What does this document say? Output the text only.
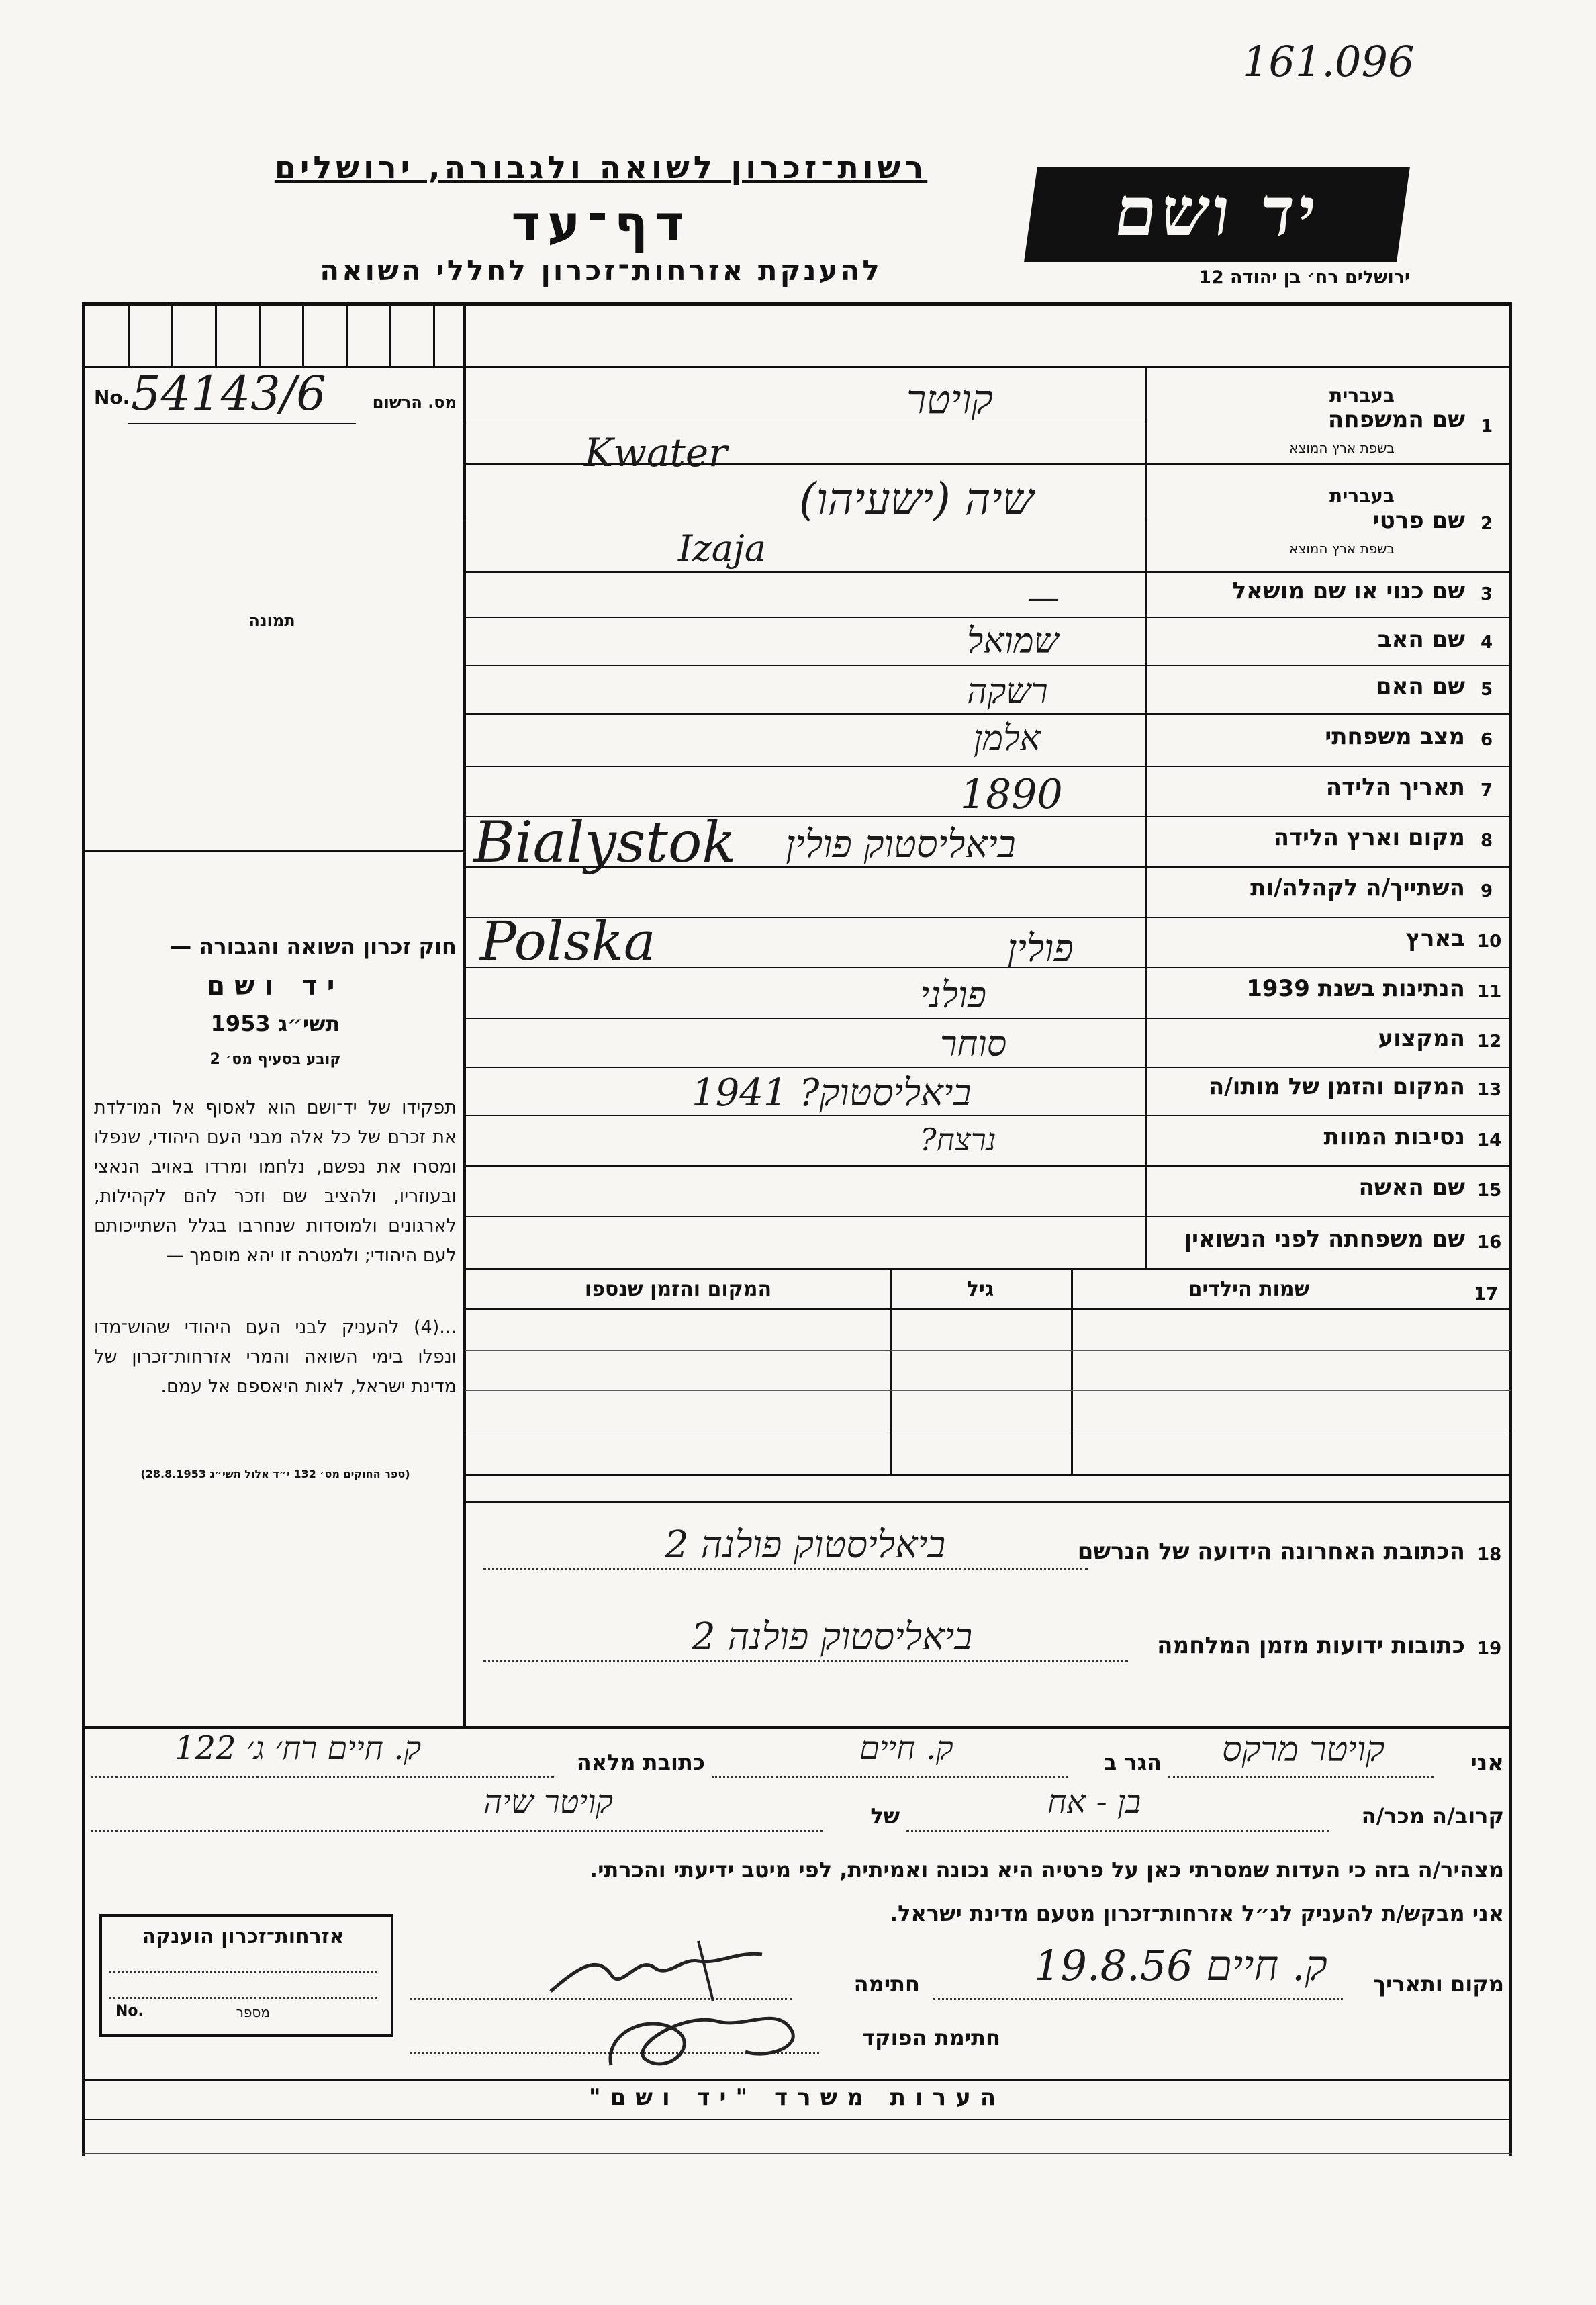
161.096
רשות־זכרון לשואה ולגבורה, ירושלים
דף־עד
להענקת אזרחות־זכרון לחללי השואה
יד ושם
ירושלים רח׳ בן יהודה 12
No. 54143/6	מס. הרשום
תמונה
1
שם המשפחה
בעברית
בשפת ארץ המוצא
קויטר
Kwater
2
שם פרטי
בעברית
בשפת ארץ המוצא
שיה (ישעיהו)
Izaja
3
שם כנוי או שם מושאל
—
4
שם האב
שמואל
5
שם האם
רשקה
6
מצב משפחתי
אלמן
7
תאריך הלידה
1890
8
מקום וארץ הלידה
ביאליסטוק פולין
Bialystok
9
השתייך/ה לקהלה/ות
10
בארץ
פולין
Polska
11
הנתינות בשנת 1939
פולני
12
המקצוע
סוחר
13
המקום והזמן של מותו/ה
ביאליסטוק? 1941
14
נסיבות המוות
נרצח?
15
שם האשה
16
שם משפחתה לפני הנשואין
חוק זכרון השואה והגבורה —
יד ושם
תשי״ג 1953
קובע בסעיף מס׳ 2
תפקידו של יד־ושם הוא לאסוף אל המו־לדת את זכרם של כל אלה מבני העם היהודי, שנפלו ומסרו את נפשם, נלחמו ומרדו באויב הנאצי ובעוזריו, ולהציב שם וזכר להם לקהילות, לארגונים ולמוסדות שנחרבו בגלל השתייכותם לעם היהודי; ולמטרה זו יהא מוסמך —
...(4) להעניק לבני העם היהודי שהוש־מדו ונפלו בימי השואה והמרי אזרחות־זכרון של מדינת ישראל, לאות היאספם אל עמם.
(ספר החוקים מס׳ 132 י״ד אלול תשי״ג 28.8.1953)
17
שמות הילדים
גיל
המקום והזמן שנספו
18
הכתובת האחרונה הידועה של הנרשם
ביאליסטוק פולנה 2
19
כתובות ידועות מזמן המלחמה
ביאליסטוק פולנה 2
אני
קויטר מרקס
הגר ב
ק. חיים
כתובת מלאה
ק. חיים רח׳ ג׳ 122
קרוב/ה מכר/ה
בן - אח
של
קויטר שיה
מצהיר/ה בזה כי העדות שמסרתי כאן על פרטיה היא נכונה ואמיתית, לפי מיטב ידיעתי והכרתי.
אני מבקש/ת להעניק לנ״ל אזרחות־זכרון מטעם מדינת ישראל.
מקום ותאריך
ק. חיים 19.8.56
חתימה
חתימת הפוקד
אזרחות־זכרון הוענקה
No.	מספר
הערות משרד "יד ושם"
